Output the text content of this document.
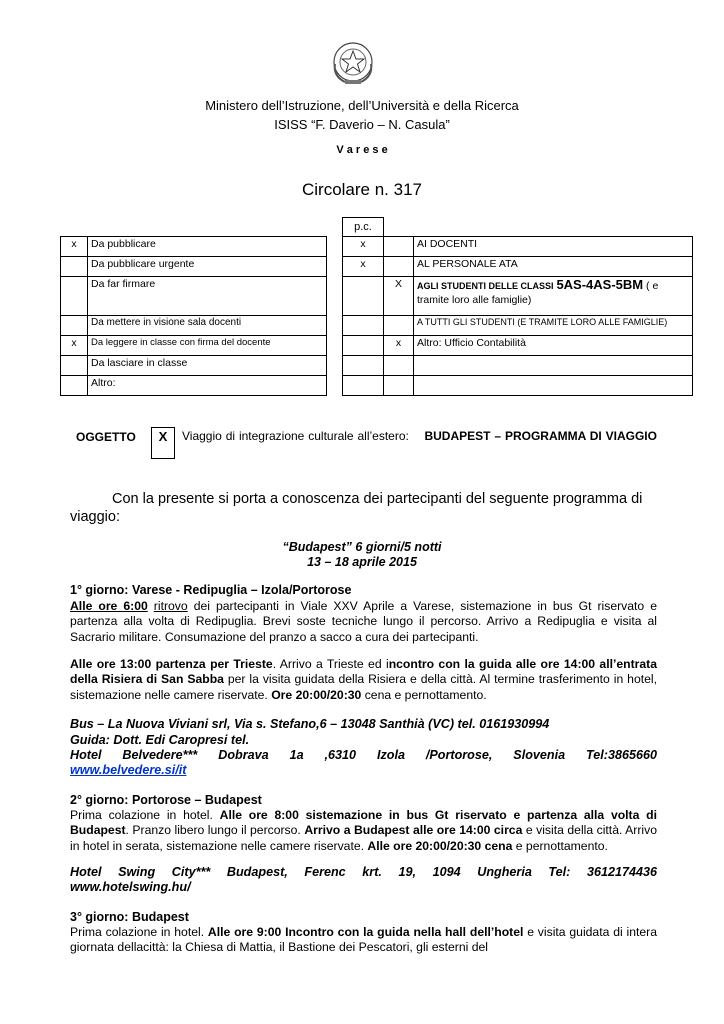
Ministero dell’Istruzione, dell’Università e della Ricerca
ISISS “F. Daverio – N. Casula”
V a r e s e
Circolare n. 317
x	Da pubblicare
	Da pubblicare urgente
	Da far firmare
	Da mettere in visione sala docenti
x	Da leggere in classe con firma del docente
	Da lasciare in classe
	Altro:
p.c.
x		AI DOCENTI
x		AL PERSONALE ATA
	X	AGLI STUDENTI DELLE CLASSI 5AS-4AS-5BM ( e tramite loro alle famiglie)
		A TUTTI GLI STUDENTI (E TRAMITE LORO ALLE FAMIGLIE)
	x	Altro: Ufficio Contabilità

OGGETTO	X	Viaggio di integrazione culturale all’estero: BUDAPEST – PROGRAMMA DI VIAGGIO
Con la presente si porta a conoscenza dei partecipanti del seguente programma di viaggio:
“Budapest” 6 giorni/5 notti
13 – 18 aprile 2015
1° giorno: Varese - Redipuglia – Izola/Portorose
Alle ore 6:00 ritrovo dei partecipanti in Viale XXV Aprile a Varese, sistemazione in bus Gt riservato e partenza alla volta di Redipuglia. Brevi soste tecniche lungo il percorso. Arrivo a Redipuglia e visita al Sacrario militare. Consumazione del pranzo a sacco a cura dei partecipanti.
Alle ore 13:00 partenza per Trieste. Arrivo a Trieste ed incontro con la guida alle ore 14:00 all’entrata della Risiera di San Sabba per la visita guidata della Risiera e della città. Al termine trasferimento in hotel, sistemazione nelle camere riservate. Ore 20:00/20:30 cena e pernottamento.
Bus – La Nuova Viviani srl, Via s. Stefano,6 – 13048 Santhià (VC) tel. 0161930994
Guida: Dott. Edi Caropresi tel.
Hotel Belvedere*** Dobrava 1a ,6310 Izola /Portorose, Slovenia Tel:3865660
www.belvedere.si/it
2° giorno: Portorose – Budapest
Prima colazione in hotel. Alle ore 8:00 sistemazione in bus Gt riservato e partenza alla volta di Budapest. Pranzo libero lungo il percorso. Arrivo a Budapest alle ore 14:00 circa e visita della città. Arrivo in hotel in serata, sistemazione nelle camere riservate. Alle ore 20:00/20:30 cena e pernottamento.
Hotel Swing City*** Budapest, Ferenc krt. 19, 1094 Ungheria Tel: 3612174436
www.hotelswing.hu/
3° giorno: Budapest
Prima colazione in hotel. Alle ore 9:00 Incontro con la guida nella hall dell’hotel e visita guidata di intera giornata dellacittà: la Chiesa di Mattia, il Bastione dei Pescatori, gli esterni del
